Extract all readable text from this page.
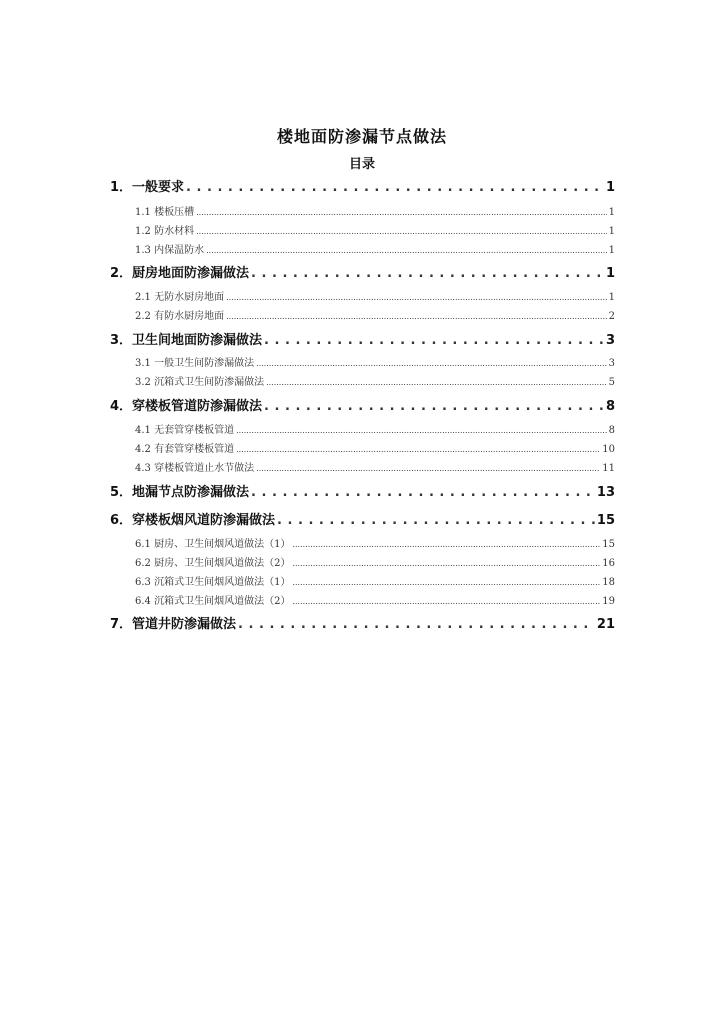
楼地面防渗漏节点做法
目录
1．一般要求 . . .	1
1.1 楼板压槽 .....	1
1.2 防水材料 .....	1
1.3 内保温防水 .....	1
2．厨房地面防渗漏做法 . . .	1
2.1 无防水厨房地面 .....	1
2.2 有防水厨房地面 .....	2
3．卫生间地面防渗漏做法 . . .	3
3.1 一般卫生间防渗漏做法 .....	3
3.2 沉箱式卫生间防渗漏做法 .....	5
4．穿楼板管道防渗漏做法 . . .	8
4.1 无套管穿楼板管道 .....	8
4.2 有套管穿楼板管道 .....	10
4.3 穿楼板管道止水节做法 .....	11
5．地漏节点防渗漏做法 . . .	13
6．穿楼板烟风道防渗漏做法 . . .	15
6.1 厨房、卫生间烟风道做法（1） .....	15
6.2 厨房、卫生间烟风道做法（2） .....	16
6.3 沉箱式卫生间烟风道做法（1） .....	18
6.4 沉箱式卫生间烟风道做法（2） .....	19
7．管道井防渗漏做法 . . .	21
